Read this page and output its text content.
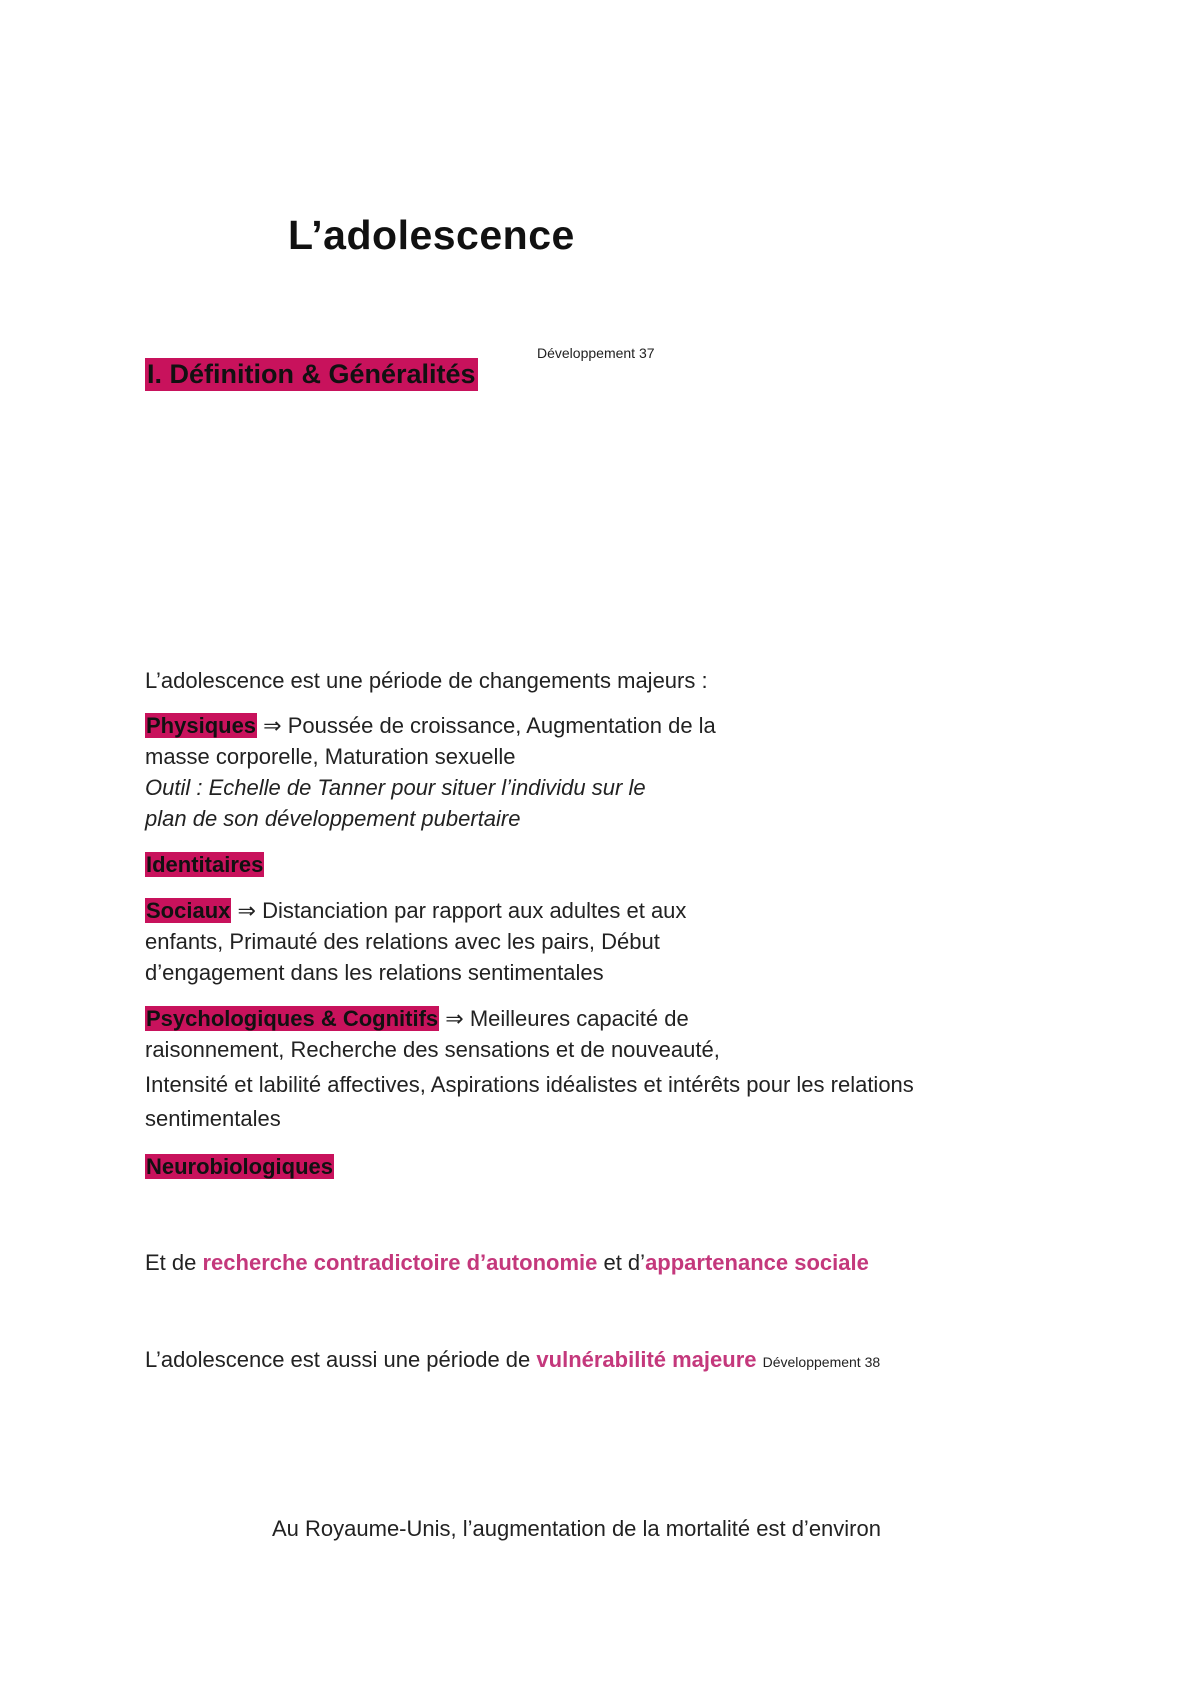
L’adolescence
Développement 37
I. Définition & Généralités
L’adolescence est une période de changements majeurs :
Physiques ⇒ Poussée de croissance, Augmentation de la
masse corporelle, Maturation sexuelle
Outil : Echelle de Tanner pour situer l’individu sur le
plan de son développement pubertaire
Identitaires
Sociaux ⇒ Distanciation par rapport aux adultes et aux
enfants, Primauté des relations avec les pairs, Début
d’engagement dans les relations sentimentales
Psychologiques & Cognitifs ⇒ Meilleures capacité de
raisonnement, Recherche des sensations et de nouveauté,
Intensité et labilité affectives, Aspirations idéalistes et intérêts pour les relations
sentimentales
Neurobiologiques
Et de recherche contradictoire d’autonomie et d’appartenance sociale
L’adolescence est aussi une période de vulnérabilité majeure Développement 38
Au Royaume-Unis, l’augmentation de la mortalité est d’environ
